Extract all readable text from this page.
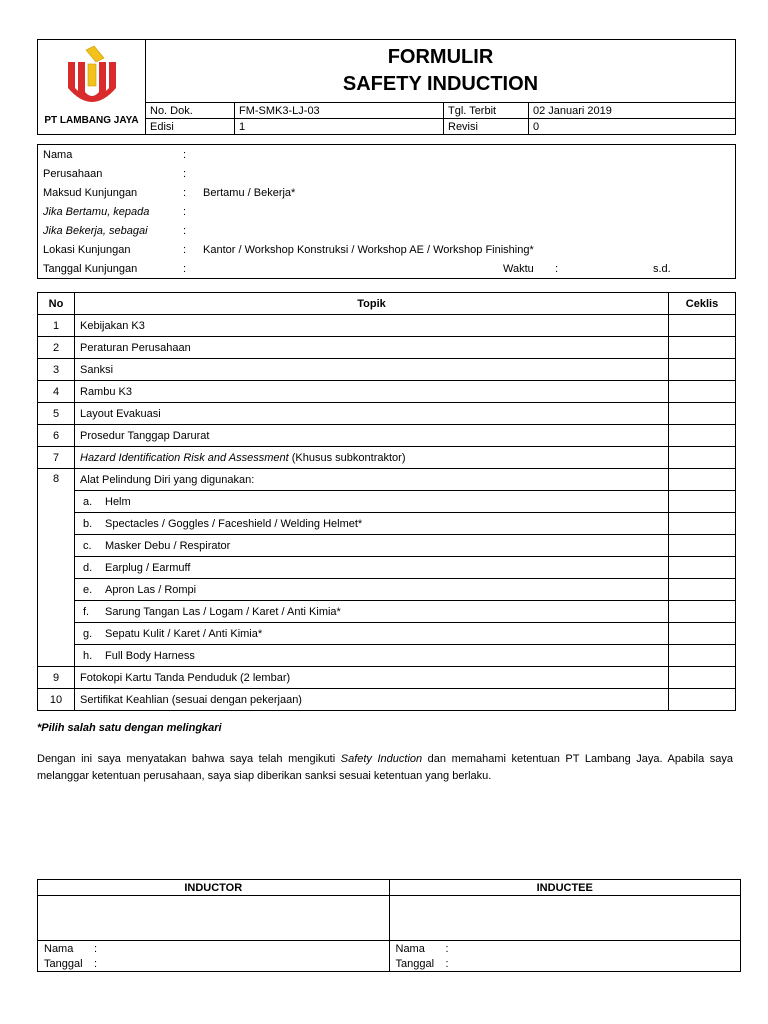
PT LAMBANG JAYA	FORMULIR
SAFETY INDUCTION			

	No. Dok.	FM-SMK3-LJ-03	Tgl. Terbit	02 Januari 2019
	Edisi	1	Revisi	0
Nama	:					
Perusahaan	:					
Maksud Kunjungan	:	Bertamu / Bekerja*				
Jika Bertamu, kepada	:					
Jika Bekerja, sebagai	:					
Lokasi Kunjungan	:	Kantor / Workshop Konstruksi / Workshop AE / Workshop Finishing*				
Tanggal Kunjungan	:		Waktu	:		s.d.
No	Topik	Ceklis
1	Kebijakan K3	
2	Peraturan Perusahaan	
3	Sanksi	
4	Rambu K3	
5	Layout Evakuasi	
6	Prosedur Tanggap Darurat	
7	Hazard Identification Risk and Assessment (Khusus subkontraktor)	
8	Alat Pelindung Diri yang digunakan:	
	a. Helm	
	b. Spectacles / Goggles / Faceshield / Welding Helmet*	
	c. Masker Debu / Respirator	
	d. Earplug / Earmuff	
	e. Apron Las / Rompi	
	f. Sarung Tangan Las / Logam / Karet / Anti Kimia*	
	g. Sepatu Kulit / Karet / Anti Kimia*	
	h. Full Body Harness	
9	Fotokopi Kartu Tanda Penduduk (2 lembar)	
10	Sertifikat Keahlian (sesuai dengan pekerjaan)	
*Pilih salah satu dengan melingkari
Dengan ini saya menyatakan bahwa saya telah mengikuti Safety Induction dan memahami ketentuan PT Lambang Jaya. Apabila saya melanggar ketentuan perusahaan, saya siap diberikan sanksi sesuai ketentuan yang berlaku.
INDUCTOR	INDUCTEE

Nama :	Nama :
Tanggal :	Tanggal :
